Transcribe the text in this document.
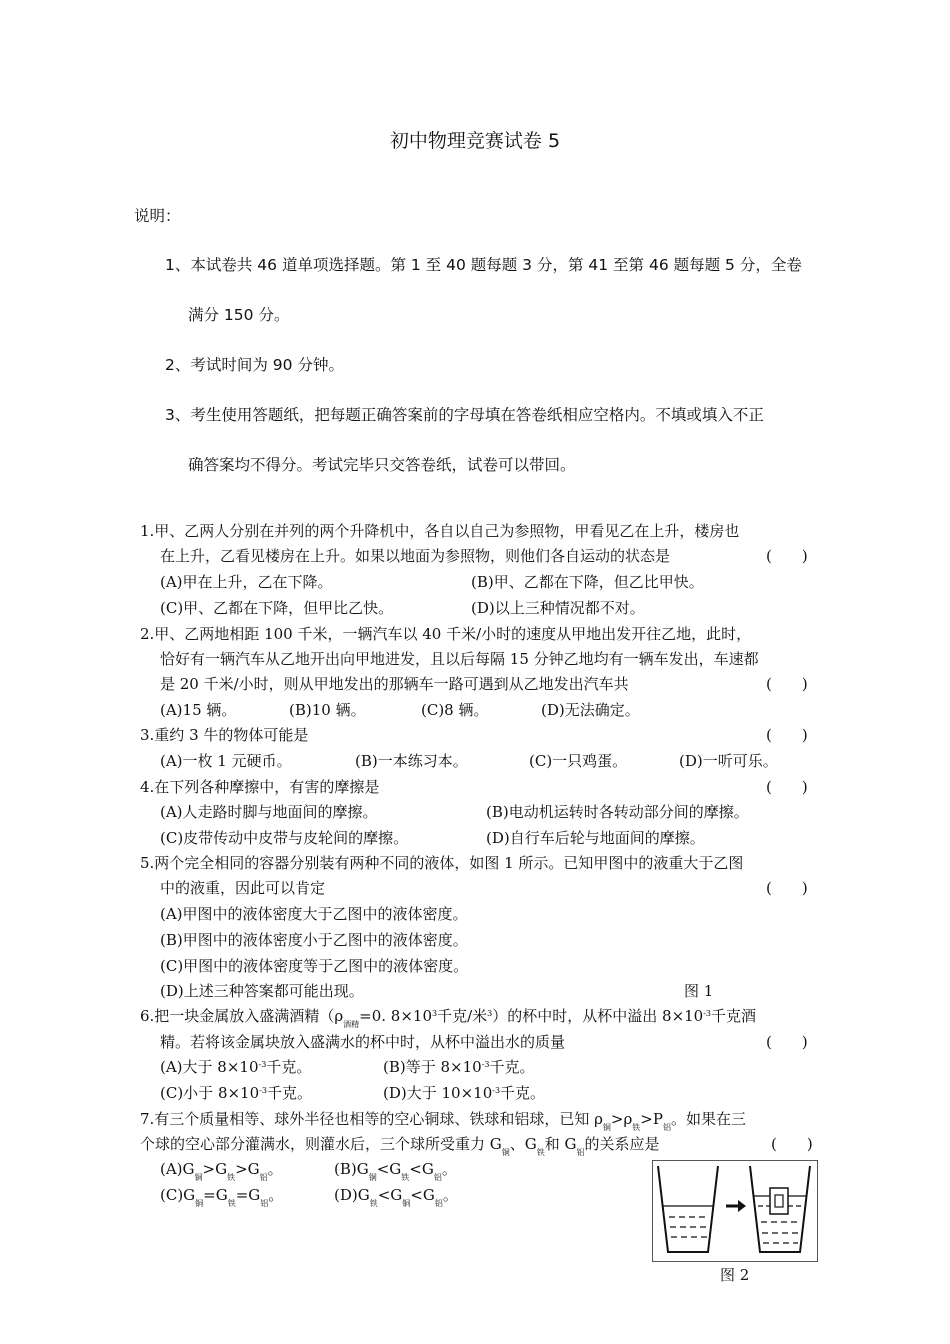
初中物理竞赛试卷 5
说明：
1、本试卷共 46 道单项选择题。第 1 至 40 题每题 3 分，第 41 至第 46 题每题 5 分，全卷
满分 150 分。
2、考试时间为 90 分钟。
3、考生使用答题纸，把每题正确答案前的字母填在答卷纸相应空格内。不填或填入不正
确答案均不得分。考试完毕只交答卷纸，试卷可以带回。
1.甲、乙两人分别在并列的两个升降机中，各自以自己为参照物，甲看见乙在上升，楼房也
在上升，乙看见楼房在上升。如果以地面为参照物，则他们各自运动的状态是	(　　)
(A)甲在上升，乙在下降。	(B)甲、乙都在下降，但乙比甲快。
(C)甲、乙都在下降，但甲比乙快。	(D)以上三种情况都不对。
2.甲、乙两地相距 100 千米，一辆汽车以 40 千米/小时的速度从甲地出发开往乙地，此时，
恰好有一辆汽车从乙地开出向甲地进发，且以后每隔 15 分钟乙地均有一辆车发出，车速都
是 20 千米/小时，则从甲地发出的那辆车一路可遇到从乙地发出汽车共	(　　)
(A)15 辆。	(B)10 辆。	(C)8 辆。	(D)无法确定。
3.重约 3 牛的物体可能是	(　　)
(A)一枚 1 元硬币。	(B)一本练习本。	(C)一只鸡蛋。	(D)一听可乐。
4.在下列各种摩擦中，有害的摩擦是	(　　)
(A)人走路时脚与地面间的摩擦。	(B)电动机运转时各转动部分间的摩擦。
(C)皮带传动中皮带与皮轮间的摩擦。	(D)自行车后轮与地面间的摩擦。
5.两个完全相同的容器分别装有两种不同的液体，如图 1 所示。已知甲图中的液重大于乙图
中的液重，因此可以肯定	(　　)
(A)甲图中的液体密度大于乙图中的液体密度。
(B)甲图中的液体密度小于乙图中的液体密度。
(C)甲图中的液体密度等于乙图中的液体密度。
(D)上述三种答案都可能出现。	图 1
6.把一块金属放入盛满酒精（$\rho_{酒精}=0$. $8\times 10^3$千克/米$^3$）的杯中时，从杯中溢出 $8\times 10^{-3}$千克酒
精。若将该金属块放入盛满水的杯中时，从杯中溢出水的质量	(　　)
(A)大于 $8\times 10^{-3}$千克。	(B)等于 $8\times 10^{-3}$千克。
(C)小于 $8\times 10^{-3}$千克。	(D)大于 $10\times 10^{-3}$千克。
7.有三个质量相等、球外半径也相等的空心铜球、铁球和铝球，已知 $\rho_铜>\rho_铁>P_铝$。如果在三
个球的空心部分灌满水，则灌水后，三个球所受重力 $G_铜$、$G_铁$和 $G_铝$的关系应是	(　　)
$(A)G_铜>G_铁>G_铝$。	$(B)G_铜<G_铁<G_铝$。
$(C)G_铜=G_铁=G_铝$。	$(D)G_铁<G_铜<G_铝$。
图 2
